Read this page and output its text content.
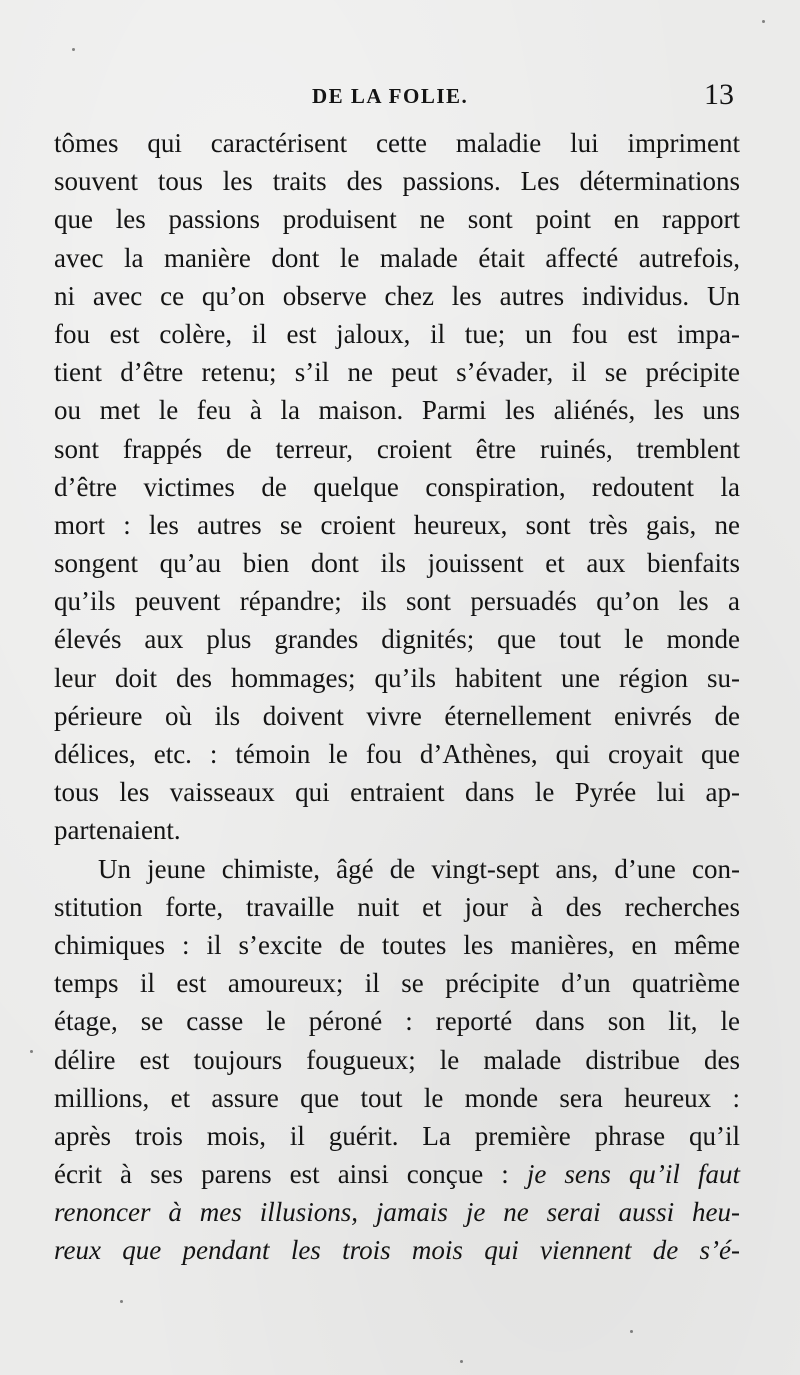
DE LA FOLIE.	13
tômes qui caractérisent cette maladie lui impriment
souvent tous les traits des passions. Les déterminations
que les passions produisent ne sont point en rapport
avec la manière dont le malade était affecté autrefois,
ni avec ce qu’on observe chez les autres individus. Un
fou est colère, il est jaloux, il tue; un fou est impa-
tient d’être retenu; s’il ne peut s’évader, il se précipite
ou met le feu à la maison. Parmi les aliénés, les uns
sont frappés de terreur, croient être ruinés, tremblent
d’être victimes de quelque conspiration, redoutent la
mort : les autres se croient heureux, sont très gais, ne
songent qu’au bien dont ils jouissent et aux bienfaits
qu’ils peuvent répandre; ils sont persuadés qu’on les a
élevés aux plus grandes dignités; que tout le monde
leur doit des hommages; qu’ils habitent une région su-
périeure où ils doivent vivre éternellement enivrés de
délices, etc. : témoin le fou d’Athènes, qui croyait que
tous les vaisseaux qui entraient dans le Pyrée lui ap-
partenaient.
Un jeune chimiste, âgé de vingt-sept ans, d’une con-
stitution forte, travaille nuit et jour à des recherches
chimiques : il s’excite de toutes les manières, en même
temps il est amoureux; il se précipite d’un quatrième
étage, se casse le péroné : reporté dans son lit, le
délire est toujours fougueux; le malade distribue des
millions, et assure que tout le monde sera heureux :
après trois mois, il guérit. La première phrase qu’il
écrit à ses parens est ainsi conçue : je sens qu’il faut
renoncer à mes illusions, jamais je ne serai aussi heu-
reux que pendant les trois mois qui viennent de s’é-
